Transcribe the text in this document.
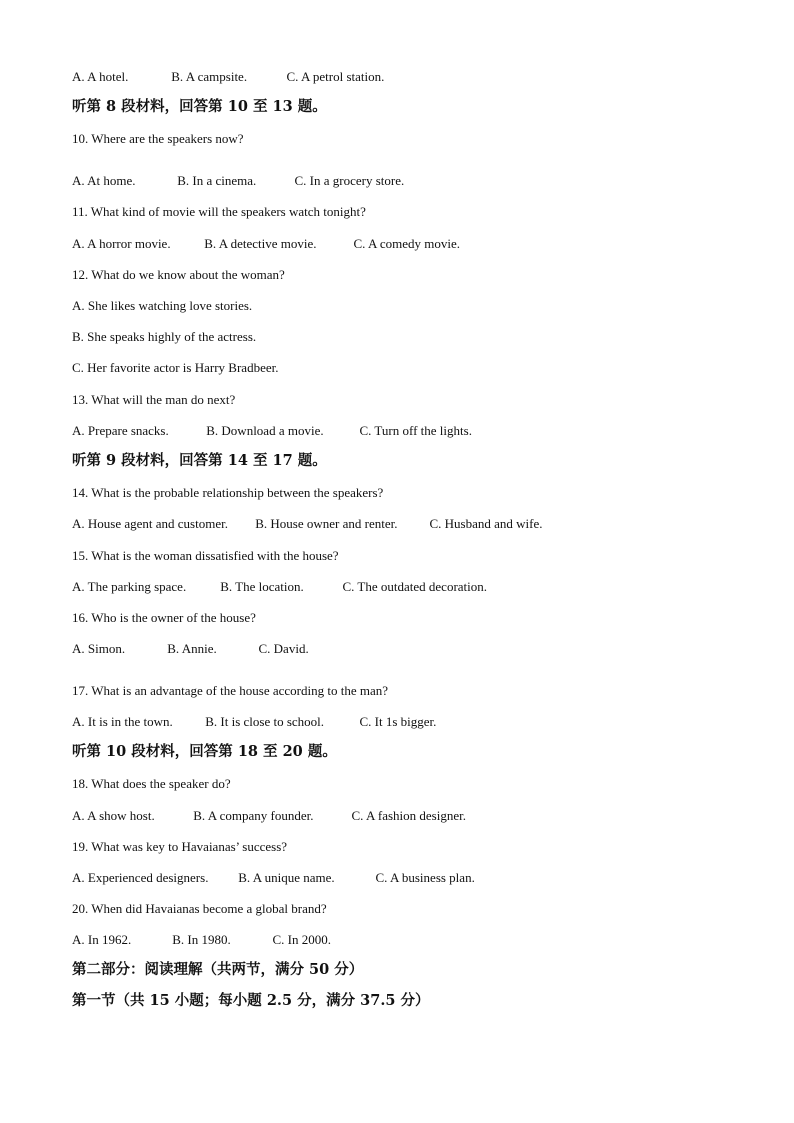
A. A hotel.	B. A campsite.	C. A petrol station.
听第 8 段材料，回答第 10 至 13 题。
10. Where are the speakers now?
A. At home.	B. In a cinema.	C. In a grocery store.
11. What kind of movie will the speakers watch tonight?
A. A horror movie.	B. A detective movie.	C. A comedy movie.
12. What do we know about the woman?
A. She likes watching love stories.
B. She speaks highly of the actress.
C. Her favorite actor is Harry Bradbeer.
13. What will the man do next?
A. Prepare snacks.	B. Download a movie.	C. Turn off the lights.
听第 9 段材料，回答第 14 至 17 题。
14. What is the probable relationship between the speakers?
A. House agent and customer. B. House owner and renter. C. Husband and wife.
15. What is the woman dissatisfied with the house?
A. The parking space.	B. The location.	C. The outdated decoration.
16. Who is the owner of the house?
A. Simon.	B. Annie.	C. David.
17. What is an advantage of the house according to the man?
A. It is in the town.	B. It is close to school.	C. It 1s bigger.
听第 10 段材料，回答第 18 至 20 题。
18. What does the speaker do?
A. A show host.	B. A company founder.	C. A fashion designer.
19. What was key to Havaianas’ success?
A. Experienced designers. B. A unique name.	C. A business plan.
20. When did Havaianas become a global brand?
A. In 1962.	B. In 1980.	C. In 2000.
第二部分：阅读理解（共两节，满分 50 分）
第一节（共 15 小题；每小题 2.5 分，满分 37.5 分）
